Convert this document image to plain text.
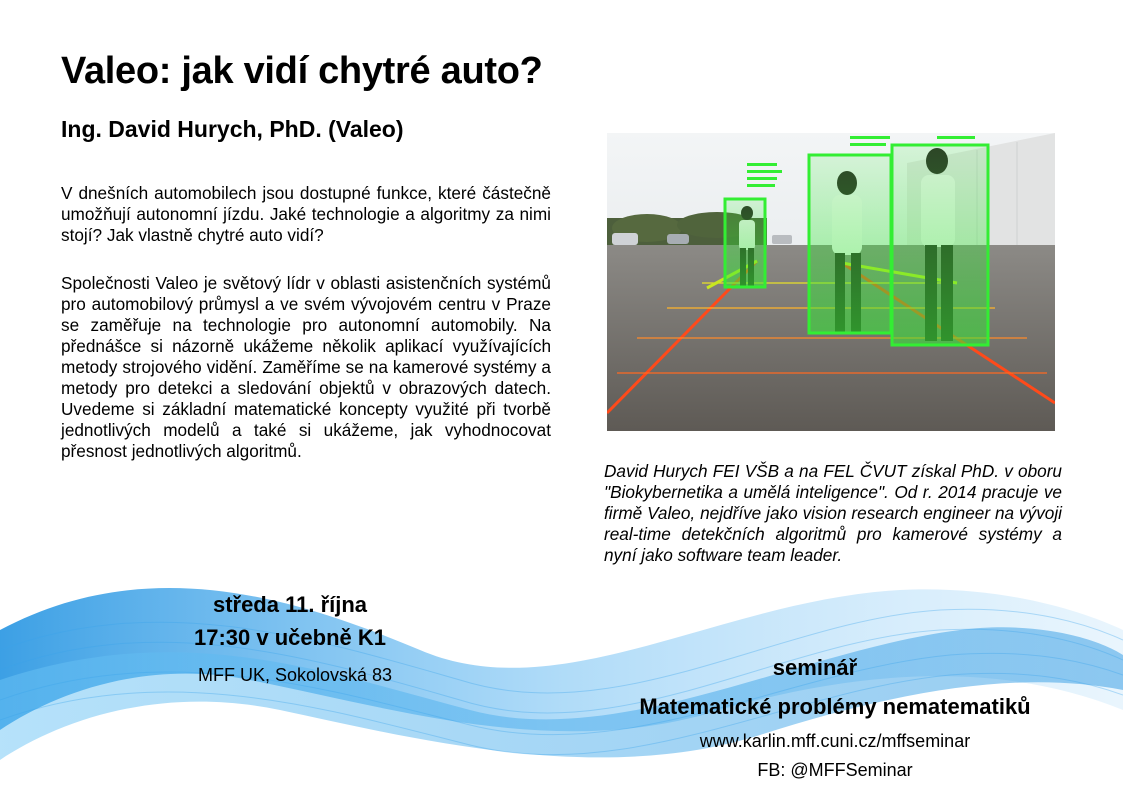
Valeo: jak vidí chytré auto?
Ing. David Hurych, PhD. (Valeo)
V dnešních automobilech jsou dostupné funkce, které částečně umožňují autonomní jízdu. Jaké technologie a algoritmy za nimi stojí? Jak vlastně chytré auto vidí?
Společnosti Valeo je světový lídr v oblasti asistenčních systémů pro automobilový průmysl a ve svém vývojovém centru v Praze se zaměřuje na technologie pro autonomní automobily. Na přednášce si názorně ukážeme několik aplikací využívajících metody strojového vidění. Zaměříme se na kamerové systémy a metody pro detekci a sledování objektů v obrazových datech. Uvedeme si základní matematické koncepty využité při tvorbě jednotlivých modelů a také si ukážeme, jak vyhodnocovat přesnost jednotlivých algoritmů.
David Hurych FEI VŠB a na FEL ČVUT získal PhD. v oboru "Biokybernetika a umělá inteligence". Od r. 2014 pracuje ve firmě Valeo, nejdříve jako vision research engineer na vývoji real-time detekčních algoritmů pro kamerové systémy a nyní jako software team leader.
středa 11. října
17:30 v učebně K1
MFF UK, Sokolovská 83	seminář
Matematické problémy nematematiků
www.karlin.mff.cuni.cz/mffseminar
FB: @MFFSeminar
